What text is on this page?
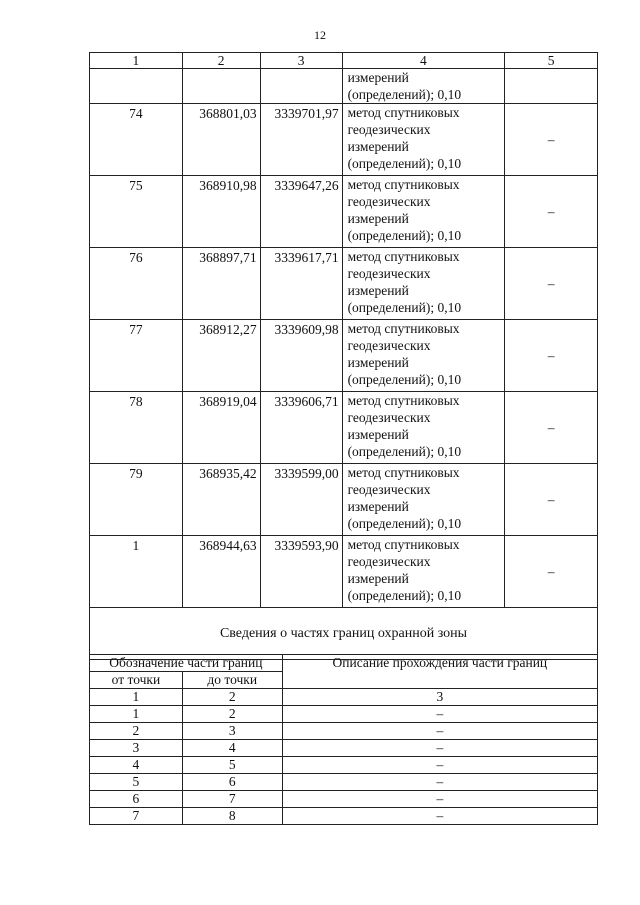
12
1	2	3	4	5
			измерений
(определений); 0,10	
74	368801,03	3339701,97	метод спутниковых
геодезических
измерений
(определений); 0,10	–
75	368910,98	3339647,26	метод спутниковых
геодезических
измерений
(определений); 0,10	–
76	368897,71	3339617,71	метод спутниковых
геодезических
измерений
(определений); 0,10	–
77	368912,27	3339609,98	метод спутниковых
геодезических
измерений
(определений); 0,10	–
78	368919,04	3339606,71	метод спутниковых
геодезических
измерений
(определений); 0,10	–
79	368935,42	3339599,00	метод спутниковых
геодезических
измерений
(определений); 0,10	–
1	368944,63	3339593,90	метод спутниковых
геодезических
измерений
(определений); 0,10	–
Сведения о частях границ охранной зоны				
Обозначение части границ		Описание прохождения части границ
от точки	до точки	
1	2	3
1	2	–
2	3	–
3	4	–
4	5	–
5	6	–
6	7	–
7	8	–
